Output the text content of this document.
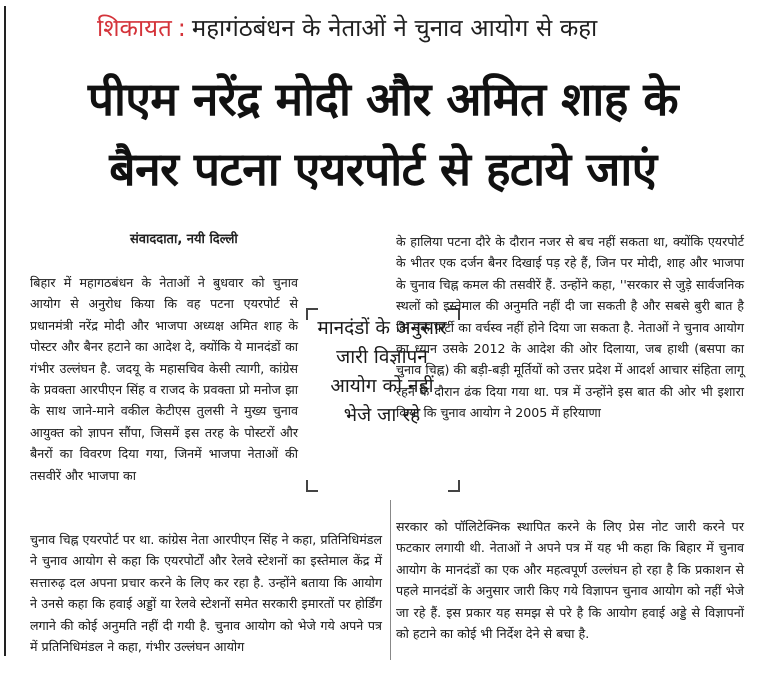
शिकायत : महागंठबंधन के नेताओं ने चुनाव आयोग से कहा
पीएम नरेंद्र मोदी और अमित शाह के
बैनर पटना एयरपोर्ट से हटाये जाएं
संवाददाता, नयी दिल्ली

बिहार में महागठबंधन के नेताओं ने बुधवार को चुनाव आयोग से अनुरोध किया कि वह पटना एयरपोर्ट से प्रधानमंत्री नरेंद्र मोदी और भाजपा अध्यक्ष अमित शाह के पोस्टर और बैनर हटाने का आदेश दे, क्योंकि ये मानदंडों का गंभीर उल्लंघन है. जदयू के महासचिव केसी त्यागी, कांग्रेस के प्रवक्ता आरपीएन सिंह व राजद के प्रवक्ता प्रो मनोज झा के साथ जाने-माने वकील केटीएस तुलसी ने मुख्य चुनाव आयुक्त को ज्ञापन सौंपा, जिसमें इस तरह के पोस्टरों और बैनरों का विवरण दिया गया, जिनमें भाजपा नेताओं की तसवीरें और भाजपा का

चुनाव चिह्न एयरपोर्ट पर था. कांग्रेस नेता आरपीएन सिंह ने कहा, प्रतिनिधिमंडल ने चुनाव आयोग से कहा कि एयरपोर्टों और रेलवे स्टेशनों का इस्तेमाल केंद्र में सत्तारुढ़ दल अपना प्रचार करने के लिए कर रहा है. उन्होंने बताया कि आयोग ने उनसे कहा कि हवाई अड्डों या रेलवे स्टेशनों समेत सरकारी इमारतों पर होर्डिंग लगाने की कोई अनुमति नहीं दी गयी है. चुनाव आयोग को भेजे गये अपने पत्र में प्रतिनिधिमंडल ने कहा, गंभीर उल्लंघन आयोग

मानदंडों के अनुसार जारी विज्ञापन आयोग को नहीं भेजे जा रहे

के हालिया पटना दौरे के दौरान नजर से बच नहीं सकता था, क्योंकि एयरपोर्ट के भीतर एक दर्जन बैनर दिखाई पड़ रहे हैं, जिन पर मोदी, शाह और भाजपा के चुनाव चिह्न कमल की तसवीरें हैं. उन्होंने कहा, ''सरकार से जुड़े सार्वजनिक स्थलों को इस्तेमाल की अनुमति नहीं दी जा सकती है और सबसे बुरी बात है कि एक पार्टी का वर्चस्व नहीं होने दिया जा सकता है. नेताओं ने चुनाव आयोग का ध्यान उसके 2012 के आदेश की ओर दिलाया, जब हाथी (बसपा का चुनाव चिह्न) की बड़ी-बड़ी मूर्तियों को उत्तर प्रदेश में आदर्श आचार संहिता लागू रहने के दौरान ढंक दिया गया था. पत्र में उन्होंने इस बात की ओर भी इशारा किया कि चुनाव आयोग ने 2005 में हरियाणा

सरकार को पॉलिटेक्निक स्थापित करने के लिए प्रेस नोट जारी करने पर फटकार लगायी थी. नेताओं ने अपने पत्र में यह भी कहा कि बिहार में चुनाव आयोग के मानदंडों का एक और महत्वपूर्ण उल्लंघन हो रहा है कि प्रकाशन से पहले मानदंडों के अनुसार जारी किए गये विज्ञापन चुनाव आयोग को नहीं भेजे जा रहे हैं. इस प्रकार यह समझ से परे है कि आयोग हवाई अड्डे से विज्ञापनों को हटाने का कोई भी निर्देश देने से बचा है.
